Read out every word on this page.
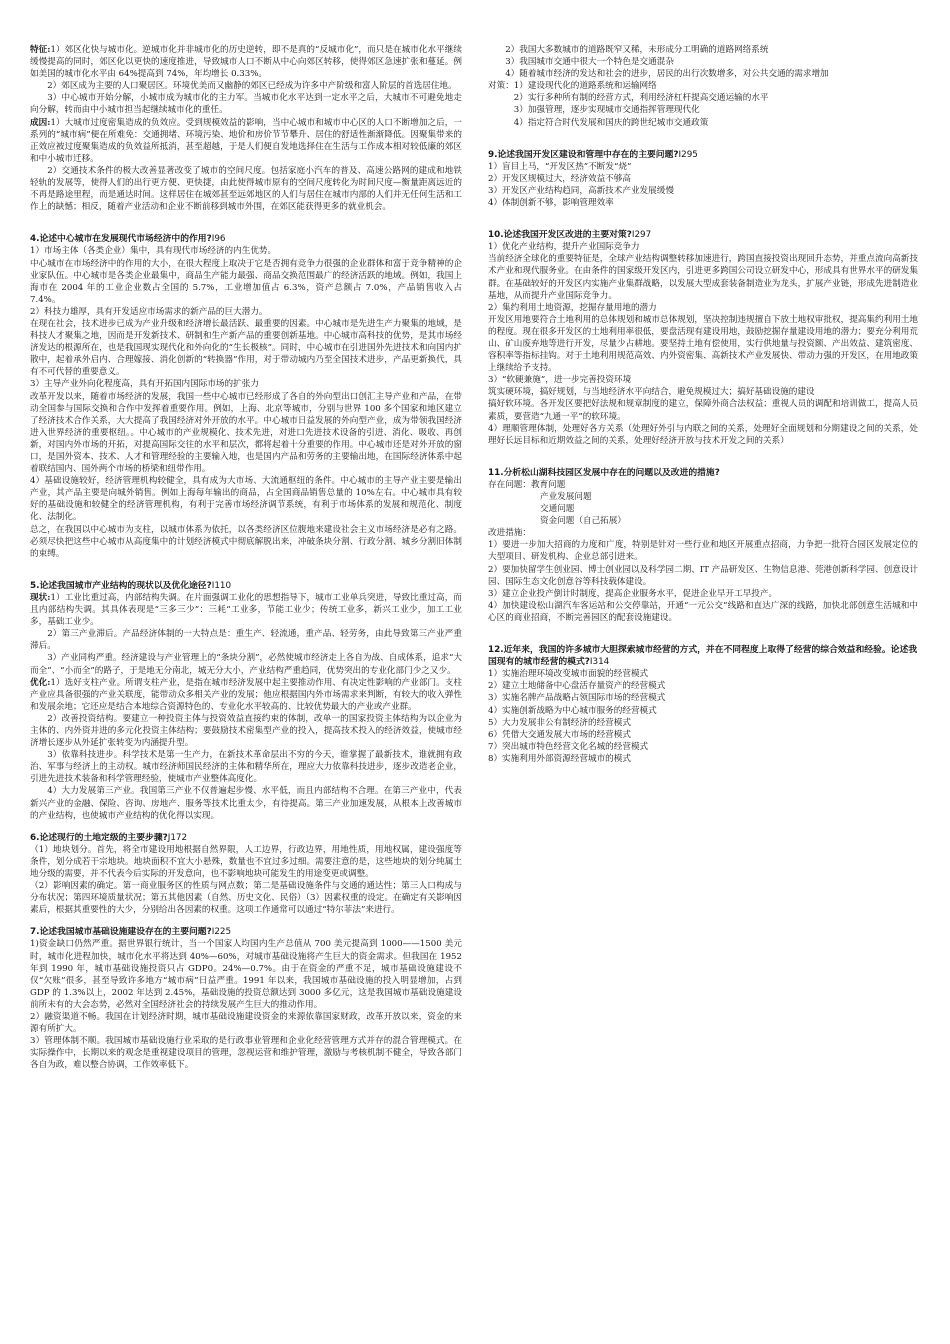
特征:1）郊区化快与城市化。逆城市化并非城市化的历史逆转，即不是真的“反城市化”，而只是在城市化水平继续缓慢提高的同时，郊区化以更快的速度推进，导致城市人口不断从中心向郊区转移，使得郊区急速扩张和蔓延。例如美国的城市化水平由 64%提高到 74%，年均增长 0.33%。

  2）郊区成为主要的人口聚居区。环境优美而又幽静的郊区已经成为许多中产阶级和富人阶层的首选居住地。

  3）中心城市开始分解，小城市成为城市化的主力军。当城市化水平达到一定水平之后，大城市不可避免地走向分解，转而由中小城市担当起继续城市化的重任。

成因:1）大城市过度密集造成的负效应。受到规模效益的影响，当中心城市和城市中心区的人口不断增加之后，一系列的“城市病”便在所难免：交通拥堵、环境污染、地价和房价节节攀升、居住的舒适性渐渐降低。因聚集带来的正效应被过度聚集造成的负效益所抵消，甚至超越，于是人们便自发地选择住在生活与工作成本相对较低廉的郊区和中小城市迁移。

  2）交通技术条件的极大改善显著改变了城市的空间尺度。包括家庭小汽车的普及、高速公路网的建成和地铁轻轨的发展等，使得人们的出行更方便、更快捷，由此使得城市原有的空间尺度转化为时间尺度—衡量距离远近的不再是路途里程，而是通达时间。这样居住在城郊甚至远郊地区的人们与居住在城市内部的人们并无任何生活和工作上的缺憾；相反，随着产业活动和企业不断前移到城市外围，在郊区能获得更多的就业机会。

4.论述中心城市在发展现代市场经济中的作用?I96

1）市场主体（各类企业）集中，具有现代市场经济的内生优势。

中心城市在市场经济中的作用的大小，在很大程度上取决于它是否拥有竞争力很强的企业群体和富于竞争精神的企业家队伍。中心城市是各类企业最集中，商品生产能力最强、商品交换范围最广的经济活跃的地域。例如，我国上海市在 2004 年的工业企业数占全国的 5.7%，工业增加值占 6.3%，资产总额占 7.0%，产品销售收入占 7.4%。

2）科技力雄厚，具有开发适应市场需求的新产品的巨大潜力。

在现在社会，技术进步已成为产业升级和经济增长最活跃、最重要的因素。中心城市是先进生产力聚集的地域，是科技人才聚集之地，因而是开发新技术、研制和生产新产品的重要创新基地。中心城市高科技的优势，是其市场经济发达的根源所在，也是我国现实现代化和外向化的“生长极核”。同时，中心城市在引进国外先进技术和向国内扩散中，起着承外启内、合理嫁接、消化创新的“转换器”作用，对于带动城内乃至全国技术进步，产品更新换代，具有不可代替的重要意义。

3）主导产业外向化程度高，具有开拓国内国际市场的扩张力

改革开发以来，随着市场经济的发展，我国一些中心城市已经形成了各自的外向型出口创汇主导产业和产品，在带动全国参与国际交换和合作中发挥着重要作用。例如，上海、北京等城市，分别与世界 100 多个国家和地区建立了经济技术合作关系，大大提高了我国经济对外开放的水平。中心城市日益发展的外向型产业，成为带领我国经济进入世界经济的重要枢纽。。中心城市的产业规模化、技术先进，对进口先进技术设备的引进、消化、吸收、再创新，对国内外市场的开拓，对提高国际交往的水平和层次，都将起着十分重要的作用。中心城市还是对外开放的窗口，是国外资本、技术、人才和管理经验的主要输入地，也是国内产品和劳务的主要输出地，在国际经济体系中起着联结国内、国外两个市场的桥梁和纽带作用。

4）基础设施较好，经济管理机构较健全，具有成为大市场、大流通枢纽的条件。中心城市的主导产业主要是输出产业，其产品主要是向城外销售。例如上海每年输出的商品，占全国商品销售总量的 10%左右。中心城市具有较好的基础设施和较健全的经济管理机构，有利于完善市场经济调节系统，有利于市场体系的发展和规范化、制度化、法制化。

总之，在我国以中心城市为支柱，以城市体系为依托，以各类经济区位腹地来建设社会主义市场经济是必有之路。必须尽快把这些中心城市从高度集中的计划经济模式中彻底解脱出来，冲破条块分割、行政分割、城乡分割旧体制的束缚。

5.论述我国城市产业结构的现状以及优化途径?I110

现状:1）工业比重过高，内部结构失调。在片面强调工业化的思想指导下，城市工业单兵突进，导致比重过高，而且内部结构失调。其具体表现是“三多三少”：三耗“工业多，节能工业少；传统工业多，新兴工业少，加工工业多，基础工业少。

  2）第三产业滞后。产品经济体制的一大特点是：重生产、轻流通，重产品、轻劳务，由此导致第三产业严重滞后。

  3）产业同构严重。经济建设与产业管理上的“条块分割”，必然使城市经济走上各自为战、自成体系，追求“大而全”、“小而全”的路子，于是地无分南北，城无分大小，产业结构严重趋同，优势突出的专业化部门少之又少。

优化:1）选好支柱产业。所谓支柱产业，是指在城市经济发展中起主要推动作用、有决定性影响的产业部门。支柱产业应具备很强的产业关联度，能带动众多相关产业的发展；他应根据国内外市场需求来判断，有较大的收入弹性和发展余地；它还应是结合本地综合资源特色的、专业化水平较高的、比较优势最大的产业或产业群。

  2）改善投资结构。要建立一种投资主体与投资效益直接约束的体制，改单一的国家投资主体结构为以企业为主体的、内外资并进的多元化投资主体结构；要鼓励技术密集型产业的投入，提高技术投入的经济效益，使城市经济增长逐步从外延扩张转变为内涵提升型。

  3）依靠科技进步。科学技术是第一生产力，在新技术革命层出不穷的今天，谁掌握了最新技术，谁就拥有政治、军事与经济上的主动权。城市经济师国民经济的主体和精华所在，理应大力依靠科技进步，逐步改造老企业，引进先进技术装备和科学管理经验，使城市产业整体高度化。

  4）大力发展第三产业。我国第三产业不仅普遍起步慢、水平低，而且内部结构不合理。在第三产业中，代表新兴产业的金融、保险、咨询、房地产、服务等技术比重太少，有待提高。第三产业加速发展，从根本上改善城市的产业结构，也使城市产业结构的优化得以实现。

6.论述现行的土地定级的主要步骤?J172

（1）地块划分。首先，将全市建设用地根据自然界限，人工边界，行政边界，用地性质，用地权属，建设强度等条件，划分成若干宗地块。地块面积不宜大小悬殊，数量也不宜过多过细。需要注意的是，这些地块的划分纯属土地分级的需要，并不代表今后实际的开发意向，也不影响地块可能发生的用途变更或调整。

（2）影响因素的确定。第一商业服务区的性质与网点数；第二是基础设施条件与交通的通达性；第三人口构成与分布状况；第四环境质量状况；第五其他因素（自然、历史文化、民俗）（3）因素权重的设定。在确定有关影响因素后，根据其重要性的大少，分别给出各因素的权重。这项工作通常可以通过“特尔菲法”来进行。

7.论述我国城市基础设施建设存在的主要问题?I225

1)资金缺口仍然严重。据世界银行统计，当一个国家人均国内生产总值从 700 美元提高到 1000——1500 美元时，城市化进程加快，城市化水平将达到 40%—60%，对城市基础设施将产生巨大的资金需求。但我国在 1952 年到 1990 年，城市基础设施投资只占 GDP0。24%—0.7%。由于在资金的严重不足，城市基础设施建设不仅“欠账”很多，甚至导致许多地方“城市病”日益严重。1991 年以来，我国城市基础设施的投入明显增加，占到 GDP 的 1.3%以上，2002 年达到 2.45%，基础设施的投资总额达到 3000 多亿元，这是我国城市基础设施建设前所未有的大会态势，必然对全国经济社会的持续发展产生巨大的推动作用。

2）融资渠道不畅。我国在计划经济时期，城市基础设施建设资金的来源依靠国家财政，改革开放以来，资金的来源有所扩大。

3）管理体制不顺。我国城市基础设施行业采取的是行政事业管理和企业化经营管理方式并存的混合管理模式。在实际操作中，长期以来的观念是重视建设项目的管理，忽视运营和维护管理，激励与考核机制不健全，导致各部门各自为政，难以整合协调，工作效率低下。

  2）我国大多数城市的道路既窄又稀，未形成分工明确的道路网络系统

  3）我国城市交通中很大一个特色是交通混杂

  4）随着城市经济的发达和社会的进步，居民的出行次数增多，对公共交通的需求增加

对策：1）建设现代化的道路系统和运输网络

   2）实行多种所有制的经营方式，利用经济杠杆提高交通运输的水平

   3）加强管理，逐步实现城市交通指挥管理现代化

   4）指定符合时代发展和国庆的跨世纪城市交通政策

9.论述我国开发区建设和管理中存在的主要问题?I295

1）盲目上马，“开发区热”不断发“烧”

2）开发区规模过大，经济效益不够高

3）开发区产业结构趋同，高新技术产业发展缓慢

4）体制创新不够，影响管理效率

10.论述我国开发区改进的主要对策?I297

1）优化产业结构，提升产业国际竞争力

当前经济全球化的重要特征是，全球产业结构调整转移加速进行，跨国直接投资出现回升态势，并重点流向高新技术产业和现代服务业。在由条件的国家级开发区内，引进更多跨国公司设立研发中心，形成具有世界水平的研发集群。在基础较好的开发区内实施产业集群战略，以发展大型成套装备制造业为龙头，扩展产业链，形成先进制造业基地，从而提升产业国际竞争力。

2）集约利用土地资源，挖掘存量用地的潜力

开发区用地要符合土地利用的总体规划和城市总体规划，坚决控制违规擅自下放土地权审批权，提高集约利用土地的程度。现在很多开发区的土地利用率很低，要盘活现有建设用地，鼓励挖掘存量建设用地的潜力；要充分利用荒山、矿山废弃地等进行开发，尽量少占耕地。要坚持土地有偿使用，实行供地量与投资额、产出效益、建筑密度、容积率等指标挂钩。对于土地利用规范高效、内外资密集、高新技术产业发展快、带动力强的开发区，在用地政策上继续给予支持。

3）“软硬兼施”，进一步完善投资环境

筑实硬环境，搞好规划，与当地经济水平向结合，避免规模过大；搞好基础设施的建设

搞好软环境。各开发区要把好法规和规章制度的建立，保障外商合法权益；重视人员的调配和培训做工，提高人员素质，要营造“九通一平”的软环境。

4）理顺管理体制，处理好各方关系（处理好外引与内联之间的关系，处理好全面规划和分期建设之间的关系，处理好长远目标和近期效益之间的关系，处理好经济开放与技术开发之间的关系）

11.分析松山湖科技园区发展中存在的问题以及改进的措施?

存在问题：教育问题

产业发展问题

交通问题

资金问题（自己拓展）

改进措施：

1）要进一步加大招商的力度和广度，特别是针对一些行业和地区开展重点招商，力争把一批符合园区发展定位的大型项目、研发机构、企业总部引进来。

2）要加快留学生创业园、博士创业园以及科学园二期、IT 产品研发区、生物信息港、莞港创新科学园、创意设计园、国际生态文化创意谷等科技载体建设。

3）建立企业投产倒计时制度，提高企业服务水平，促进企业早开工早投产。

4）加快建设松山湖汽车客运站和公交停靠站，开通“一元公交”线路和直达广深的线路，加快北部创意生活城和中心区的商业招商，不断完善园区的配套设施建设。

12.近年来，我国的许多城市大胆探索城市经营的方式，并在不同程度上取得了经营的综合效益和经验。论述我国现有的城市经营的模式?I314

1）实施治理环境改变城市面貌的经营模式

2）建立土地储备中心盘活存量资产的经营模式

3）实施名牌产品战略占领国际市场的经营模式

4）实施创新战略为中心城市服务的经营模式

5）大力发展非公有制经济的经营模式

6）凭借大交通发展大市场的经营模式

7）突出城市特色经营文化名城的经营模式

8）实施利用外部资源经营城市的模式
